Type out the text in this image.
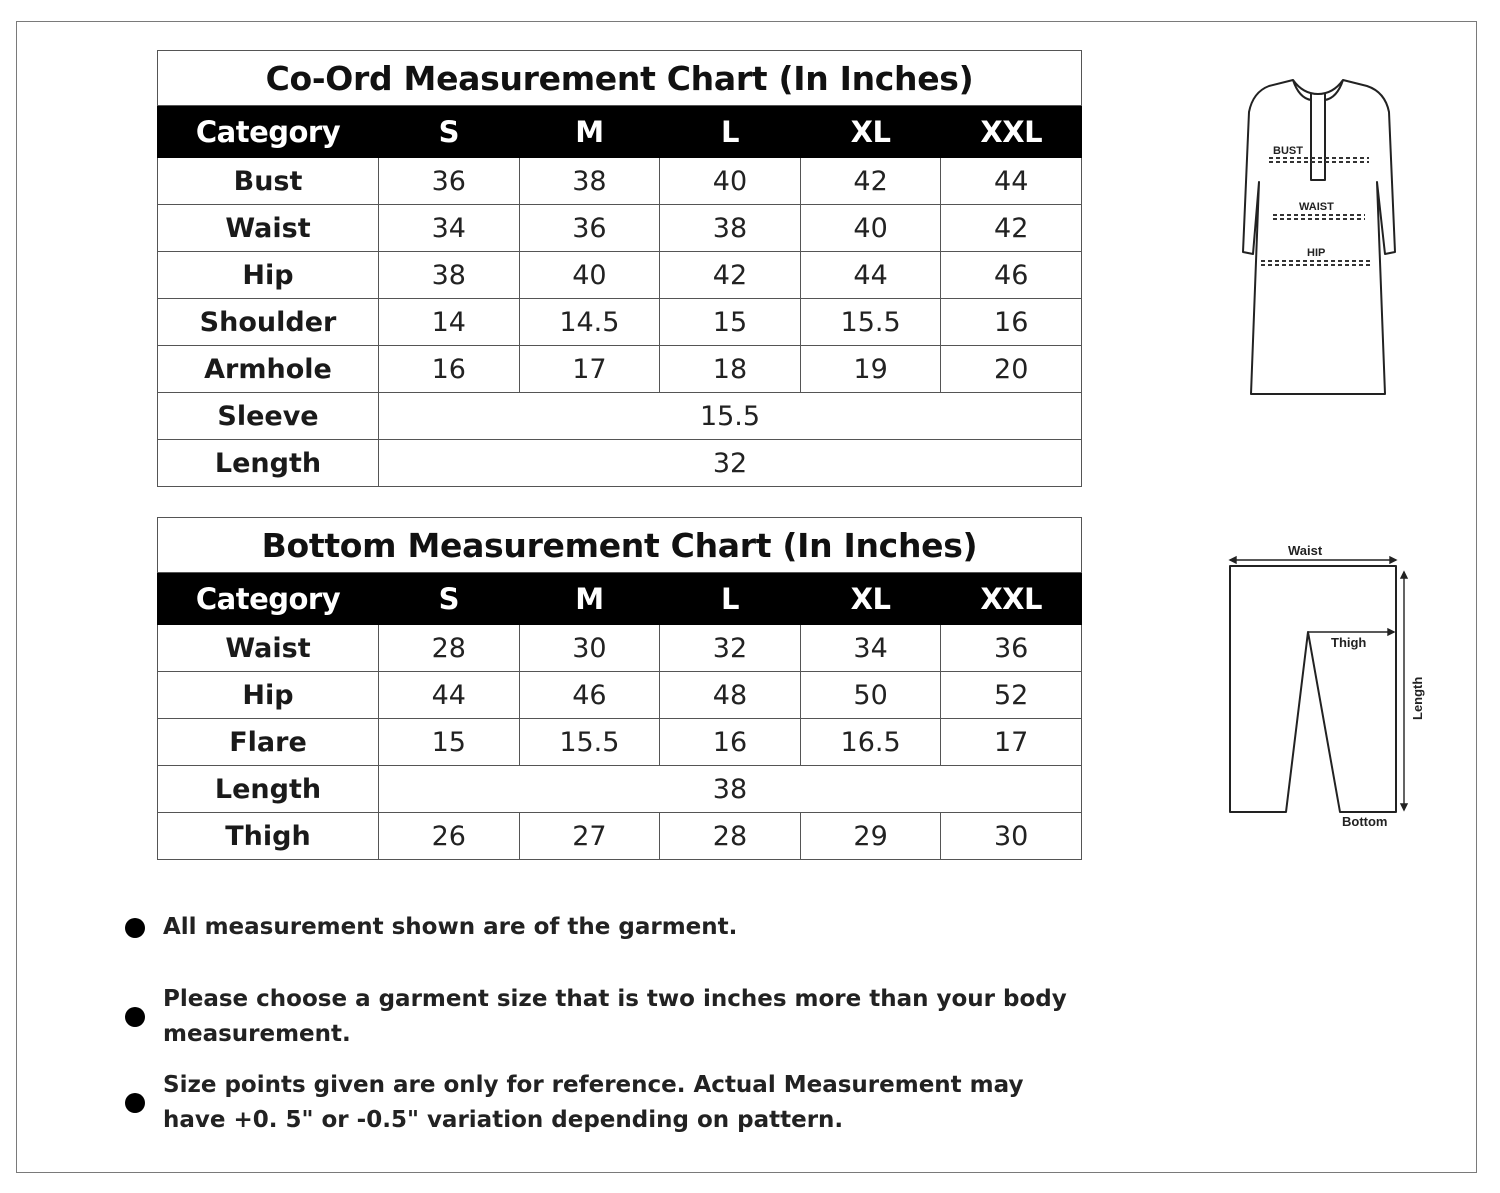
Co-Ord Measurement Chart (In Inches)					
Category	S	M	L	XL	XXL
Bust	36	38	40	42	44
Waist	34	36	38	40	42
Hip	38	40	42	44	46
Shoulder	14	14.5	15	15.5	16
Armhole	16	17	18	19	20
Sleeve	15.5				
Length	32				
Bottom Measurement Chart (In Inches)					
Category	S	M	L	XL	XXL
Waist	28	30	32	34	36
Hip	44	46	48	50	52
Flare	15	15.5	16	16.5	17
Length	38				
Thigh	26	27	28	29	30
BUST
WAIST
HIP
Waist
Thigh
Bottom
Length
All measurement shown are of the garment.
Please choose a garment size that is two inches more than your body measurement.
Size points given are only for reference. Actual Measurement may have +0. 5" or -0.5" variation depending on pattern.
